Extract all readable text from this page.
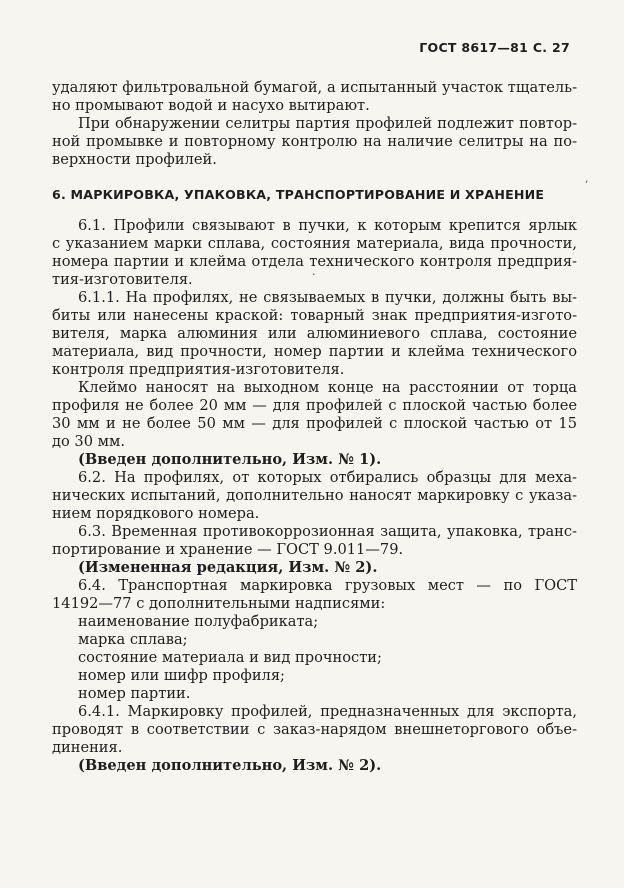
ГОСТ 8617—81 С. 27
удаляют фильтровальной бумагой, а испытанный участок тщатель-
но промывают водой и насухо вытирают.
При обнаружении селитры партия профилей подлежит повтор-
ной промывке и повторному контролю на наличие селитры на по-
верхности профилей.
6. МАРКИРОВКА, УПАКОВКА, ТРАНСПОРТИРОВАНИЕ И ХРАНЕНИЕ
6.1. Профили связывают в пучки, к которым крепится ярлык
с указанием марки сплава, состояния материала, вида прочности,
номера партии и клейма отдела технического контроля предприя-
тия-изготовителя.
6.1.1. На профилях, не связываемых в пучки, должны быть вы-
биты или нанесены краской: товарный знак предприятия-изгото-
вителя, марка алюминия или алюминиевого сплава, состояние
материала, вид прочности, номер партии и клейма технического
контроля предприятия-изготовителя.
Клеймо наносят на выходном конце на расстоянии от торца
профиля не более 20 мм — для профилей с плоской частью более
30 мм и не более 50 мм — для профилей с плоской частью от 15
до 30 мм.
(Введен дополнительно, Изм. № 1).
6.2. На профилях, от которых отбирались образцы для меха-
нических испытаний, дополнительно наносят маркировку с указа-
нием порядкового номера.
6.3. Временная противокоррозионная защита, упаковка, транс-
портирование и хранение — ГОСТ 9.011—79.
(Измененная редакция, Изм. № 2).
6.4. Транспортная маркировка грузовых мест — по ГОСТ
14192—77 с дополнительными надписями:
наименование полуфабриката;
марка сплава;
состояние материала и вид прочности;
номер или шифр профиля;
номер партии.
6.4.1. Маркировку профилей, предназначенных для экспорта,
проводят в соответствии с заказ-нарядом внешнеторгового объе-
динения.
(Введен дополнительно, Изм. № 2).
,
·
